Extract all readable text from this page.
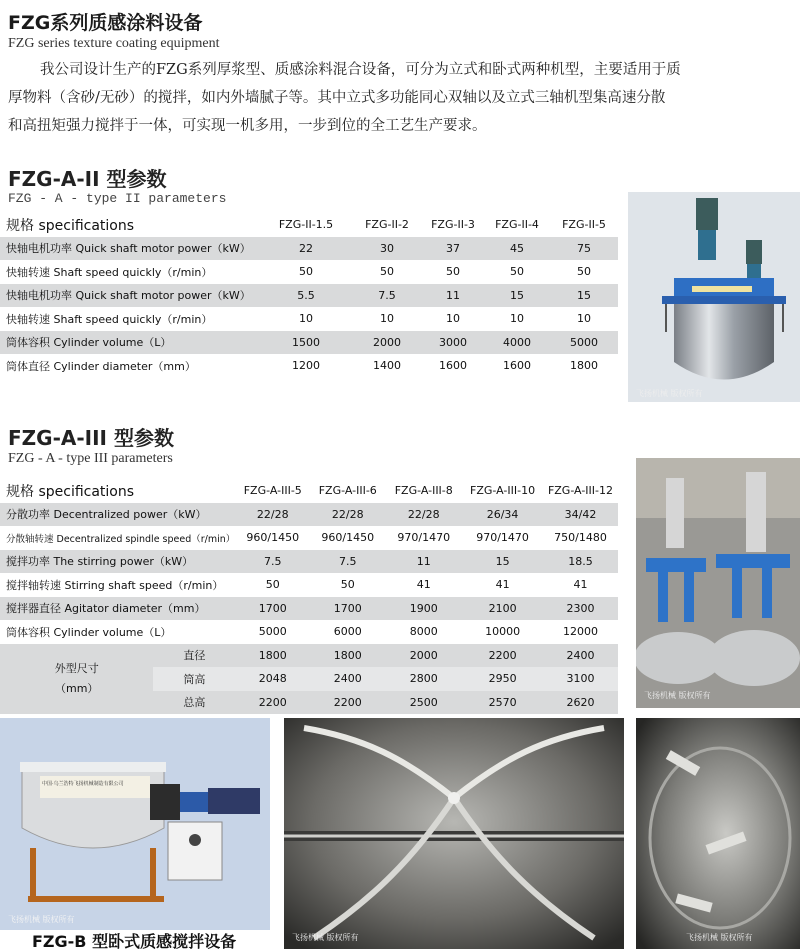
FZG系列质感涂料设备
FZG series texture coating equipment
我公司设计生产的FZG系列厚浆型、质感涂料混合设备，可分为立式和卧式两种机型，主要适用于质
厚物料（含砂/无砂）的搅拌，如内外墙腻子等。其中立式多功能同心双轴以及立式三轴机型集高速分散
和高扭矩强力搅拌于一体，可实现一机多用，一步到位的全工艺生产要求。
FZG-A-II 型参数
FZG - A - type II parameters
规格 specifications	FZG-II-1.5	FZG-II-2	FZG-II-3	FZG-II-4	FZG-II-5
快轴电机功率 Quick shaft motor power（kW）	22	30	37	45	75
快轴转速 Shaft speed quickly（r/min）	50	50	50	50	50
快轴电机功率 Quick shaft motor power（kW）	5.5	7.5	11	15	15
快轴转速 Shaft speed quickly（r/min）	10	10	10	10	10
筒体容积 Cylinder volume（L）	1500	2000	3000	4000	5000
筒体直径 Cylinder diameter（mm）	1200	1400	1600	1600	1800
飞扬机械 版权所有
FZG-A-III 型参数
FZG - A - type III parameters
规格 specifications		FZG-A-III-5	FZG-A-III-6	FZG-A-III-8	FZG-A-III-10	FZG-A-III-12
分散功率 Decentralized power（kW）		22/28	22/28	22/28	26/34	34/42
分散轴转速 Decentralized spindle speed（r/min）		960/1450	960/1450	970/1470	970/1470	750/1480
搅拌功率 The stirring power（kW）		7.5	7.5	11	15	18.5
搅拌轴转速 Stirring shaft speed（r/min）		50	50	41	41	41
搅拌器直径 Agitator diameter（mm）		1700	1700	1900	2100	2300
筒体容积 Cylinder volume（L）		5000	6000	8000	10000	12000

外型尺寸
（mm）	直径	1800	1800	2000	2200	2400
	筒高	2048	2400	2800	2950	3100
	总高	2200	2200	2500	2570	2620
飞扬机械 版权所有
中国·乌兰浩特飞扬机械制造有限公司
飞扬机械 版权所有
飞扬机械 版权所有	飞扬机械 版权所有
FZG-B 型卧式质感搅拌设备
